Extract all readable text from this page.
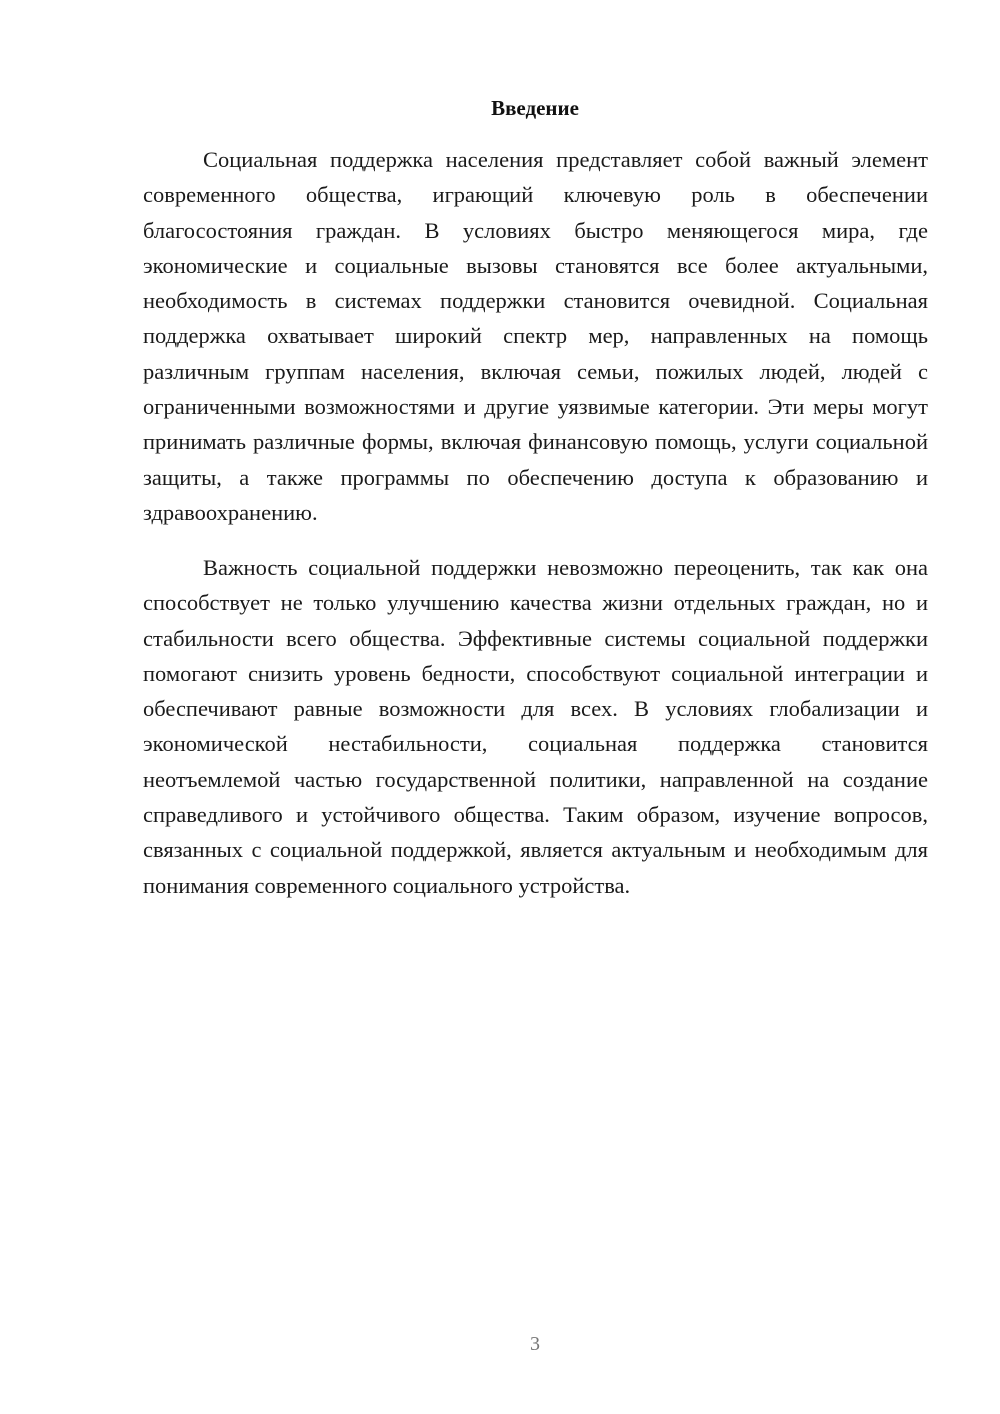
Введение

Социальная поддержка населения представляет собой важный элемент современного общества, играющий ключевую роль в обеспечении благосостояния граждан. В условиях быстро меняющегося мира, где экономические и социальные вызовы становятся все более актуальными, необходимость в системах поддержки становится очевидной. Социальная поддержка охватывает широкий спектр мер, направленных на помощь различным группам населения, включая семьи, пожилых людей, людей с ограниченными возможностями и другие уязвимые категории. Эти меры могут принимать различные формы, включая финансовую помощь, услуги социальной защиты, а также программы по обеспечению доступа к образованию и здравоохранению.

Важность социальной поддержки невозможно переоценить, так как она способствует не только улучшению качества жизни отдельных граждан, но и стабильности всего общества. Эффективные системы социальной поддержки помогают снизить уровень бедности, способствуют социальной интеграции и обеспечивают равные возможности для всех. В условиях глобализации и экономической нестабильности, социальная поддержка становится неотъемлемой частью государственной политики, направленной на создание справедливого и устойчивого общества. Таким образом, изучение вопросов, связанных с социальной поддержкой, является актуальным и необходимым для понимания современного социального устройства.

3
